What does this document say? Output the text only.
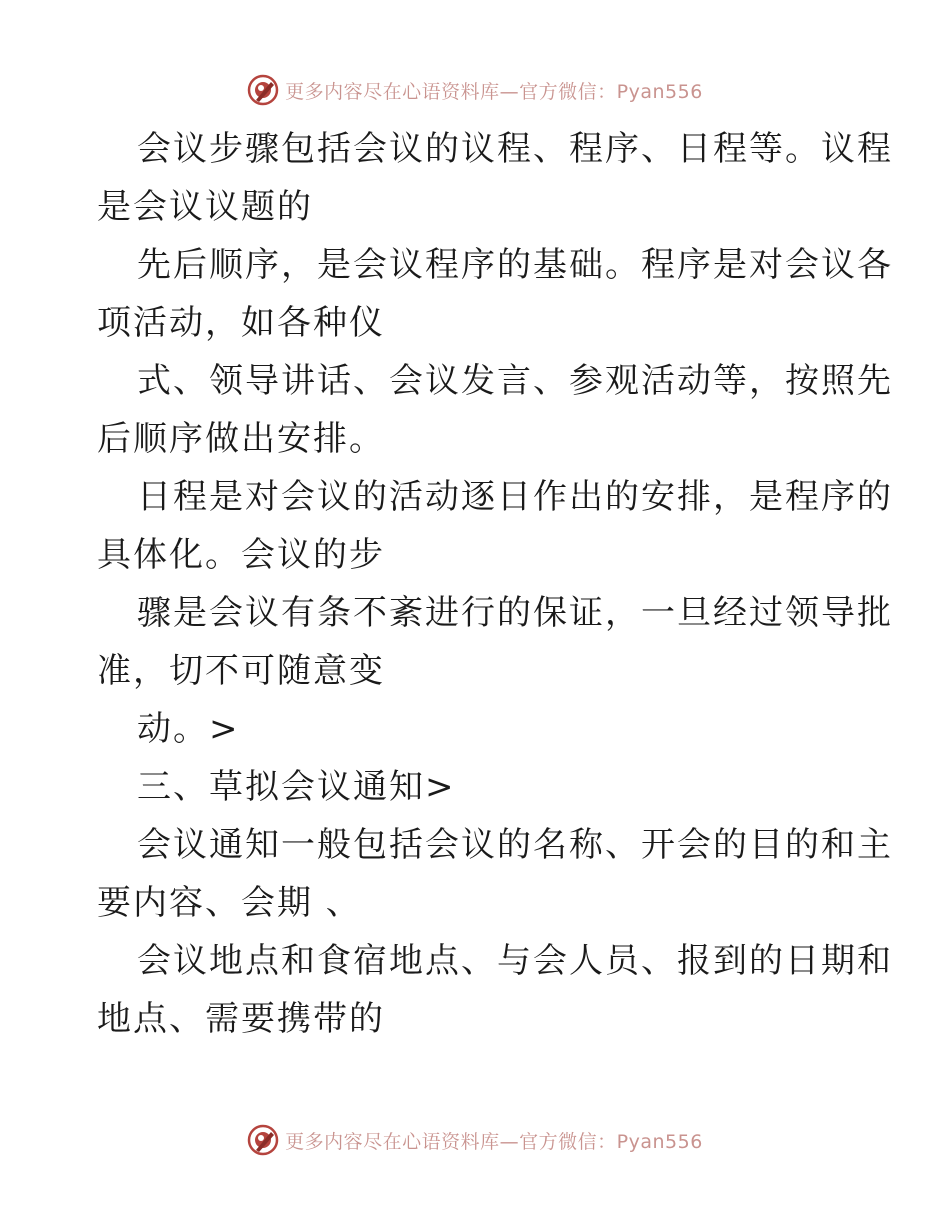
更多内容尽在心语资料库—官方微信：Pyan556

会议步骤包括会议的议程、程序、日程等。议程
是会议议题的

先后顺序，是会议程序的基础。程序是对会议各
项活动，如各种仪

式、领导讲话、会议发言、参观活动等，按照先
后顺序做出安排。

日程是对会议的活动逐日作出的安排，是程序的
具体化。会议的步

骤是会议有条不紊进行的保证，一旦经过领导批
准，切不可随意变

动。>

三、草拟会议通知>

会议通知一般包括会议的名称、开会的目的和主
要内容、会期 、

会议地点和食宿地点、与会人员、报到的日期和
地点、需要携带的

更多内容尽在心语资料库—官方微信：Pyan556
